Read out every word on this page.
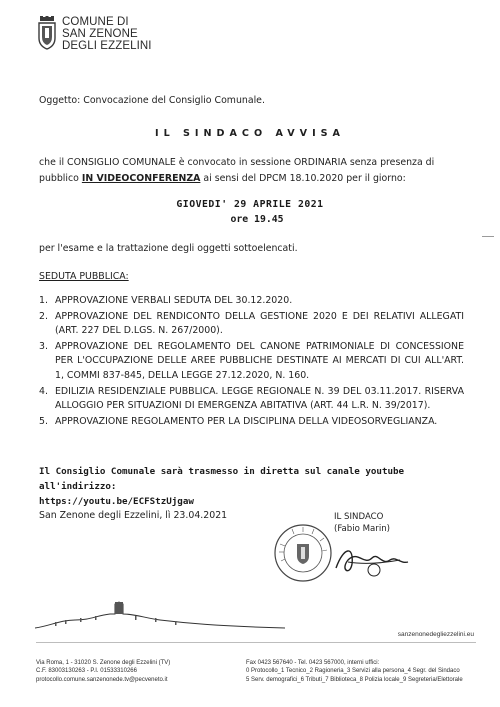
COMUNE DI
SAN ZENONE
DEGLI EZZELINI
Oggetto: Convocazione del Consiglio Comunale.
IL SINDACO AVVISA
che il CONSIGLIO COMUNALE è convocato in sessione ORDINARIA senza presenza di pubblico IN VIDEOCONFERENZA ai sensi del DPCM 18.10.2020 per il giorno:
GIOVEDI' 29 APRILE 2021
ore 19.45
per l'esame e la trattazione degli oggetti sottoelencati.
SEDUTA PUBBLICA:
1. APPROVAZIONE VERBALI SEDUTA DEL 30.12.2020.
2. APPROVAZIONE DEL RENDICONTO DELLA GESTIONE 2020 E DEI RELATIVI ALLEGATI (ART. 227 DEL D.LGS. N. 267/2000).
3. APPROVAZIONE DEL REGOLAMENTO DEL CANONE PATRIMONIALE DI CONCESSIONE PER L'OCCUPAZIONE DELLE AREE PUBBLICHE DESTINATE AI MERCATI DI CUI ALL'ART. 1, COMMI 837-845, DELLA LEGGE 27.12.2020, N. 160.
4. EDILIZIA RESIDENZIALE PUBBLICA. LEGGE REGIONALE N. 39 DEL 03.11.2017. RISERVA ALLOGGIO PER SITUAZIONI DI EMERGENZA ABITATIVA (ART. 44 L.R. N. 39/2017).
5. APPROVAZIONE REGOLAMENTO PER LA DISCIPLINA DELLA VIDEOSORVEGLIANZA.
Il Consiglio Comunale sarà trasmesso in diretta sul canale youtube all'indirizzo:
https://youtu.be/ECFStzUjgaw
San Zenone degli Ezzelini, lì 23.04.2021	IL SINDACO
(Fabio Marin)
sanzenonedegliezzelini.eu
Via Roma, 1 - 31020 S. Zenone degli Ezzelini (TV)
C.F. 83003130263 - P.I. 01533310266
protocollo.comune.sanzenonede.tv@pecveneto.it
Fax 0423 567640 - Tel. 0423 567000, interni uffici:
0 Protocollo_1 Tecnico_2 Ragioneria_3 Servizi alla persona_4 Segr. del Sindaco
5 Serv. demografici_6 Tributi_7 Biblioteca_8 Polizia locale_9 Segreteria/Elettorale
